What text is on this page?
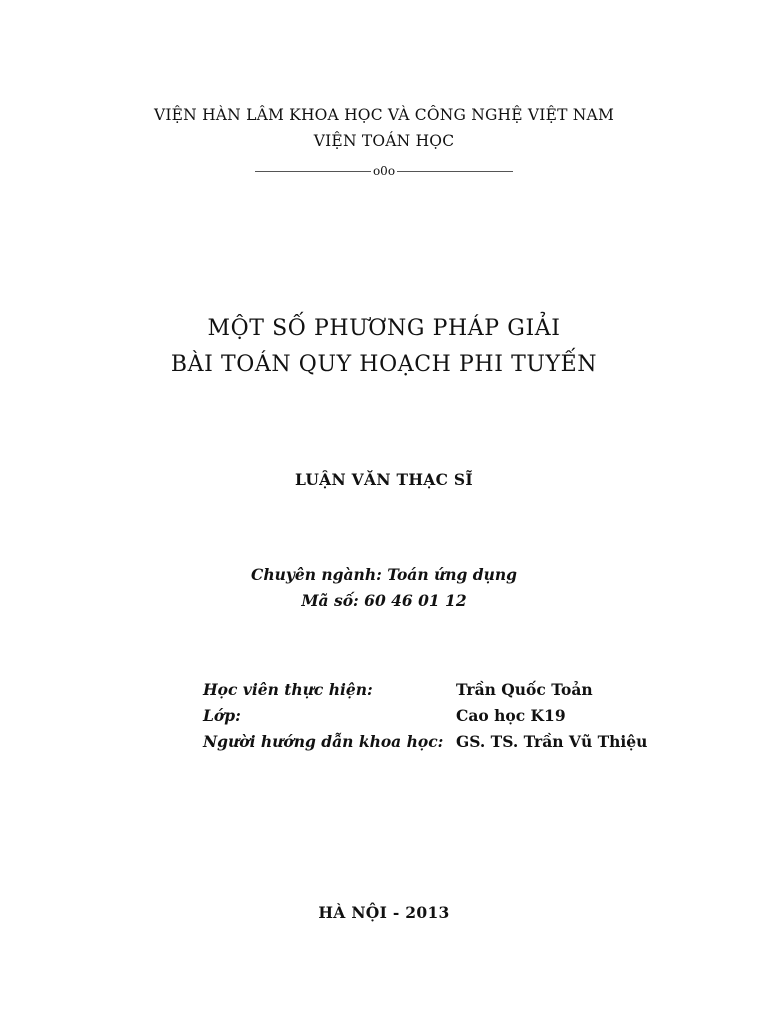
VIỆN HÀN LÂM KHOA HỌC VÀ CÔNG NGHỆ VIỆT NAM
VIỆN TOÁN HỌC
o0o
MỘT SỐ PHƯƠNG PHÁP GIẢI
BÀI TOÁN QUY HOẠCH PHI TUYẾN
LUẬN VĂN THẠC SĨ
Chuyên ngành: Toán ứng dụng
Mã số: 60 46 01 12
Học viên thực hiện:	Trần Quốc Toản
Lớp:	Cao học K19
Người hướng dẫn khoa học: GS. TS. Trần Vũ Thiệu
HÀ NỘI - 2013
